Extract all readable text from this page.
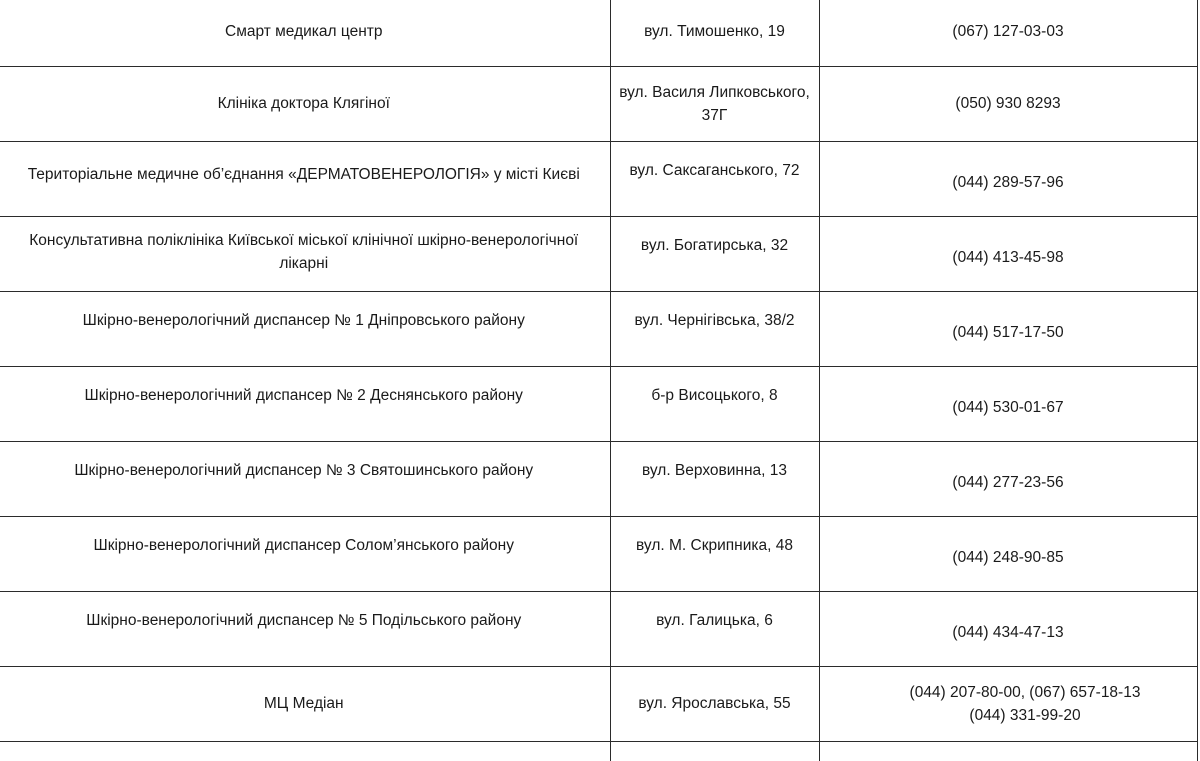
Смарт медикал центр	вул. Тимошенко, 19	(067) 127-03-03

Клініка доктора Клягіної	вул. Василя Липковського, 37Г	(050) 930 8293

Територіальне медичне об’єднання «ДЕРМАТОВЕНЕРОЛОГІЯ» у місті Києві	вул. Саксаганського, 72	(044) 289-57-96

Консультативна поліклініка Київської міської клінічної шкірно-венерологічної лікарні	вул. Богатирська, 32	(044) 413-45-98

Шкірно-венерологічний диспансер № 1 Дніпровського району	вул. Чернігівська, 38/2	(044) 517-17-50

Шкірно-венерологічний диспансер № 2 Деснянського району	б-р Висоцького, 8	(044) 530-01-67

Шкірно-венерологічний диспансер № 3 Святошинського району	вул. Верховинна, 13	(044) 277-23-56

Шкірно-венерологічний диспансер Солом’янського району	вул. М. Скрипника, 48	(044) 248-90-85

Шкірно-венерологічний диспансер № 5 Подільського району	вул. Галицька, 6	(044) 434-47-13

МЦ Медіан	вул. Ярославська, 55	(044) 207-80-00, (067) 657-18-13
(044) 331-99-20
